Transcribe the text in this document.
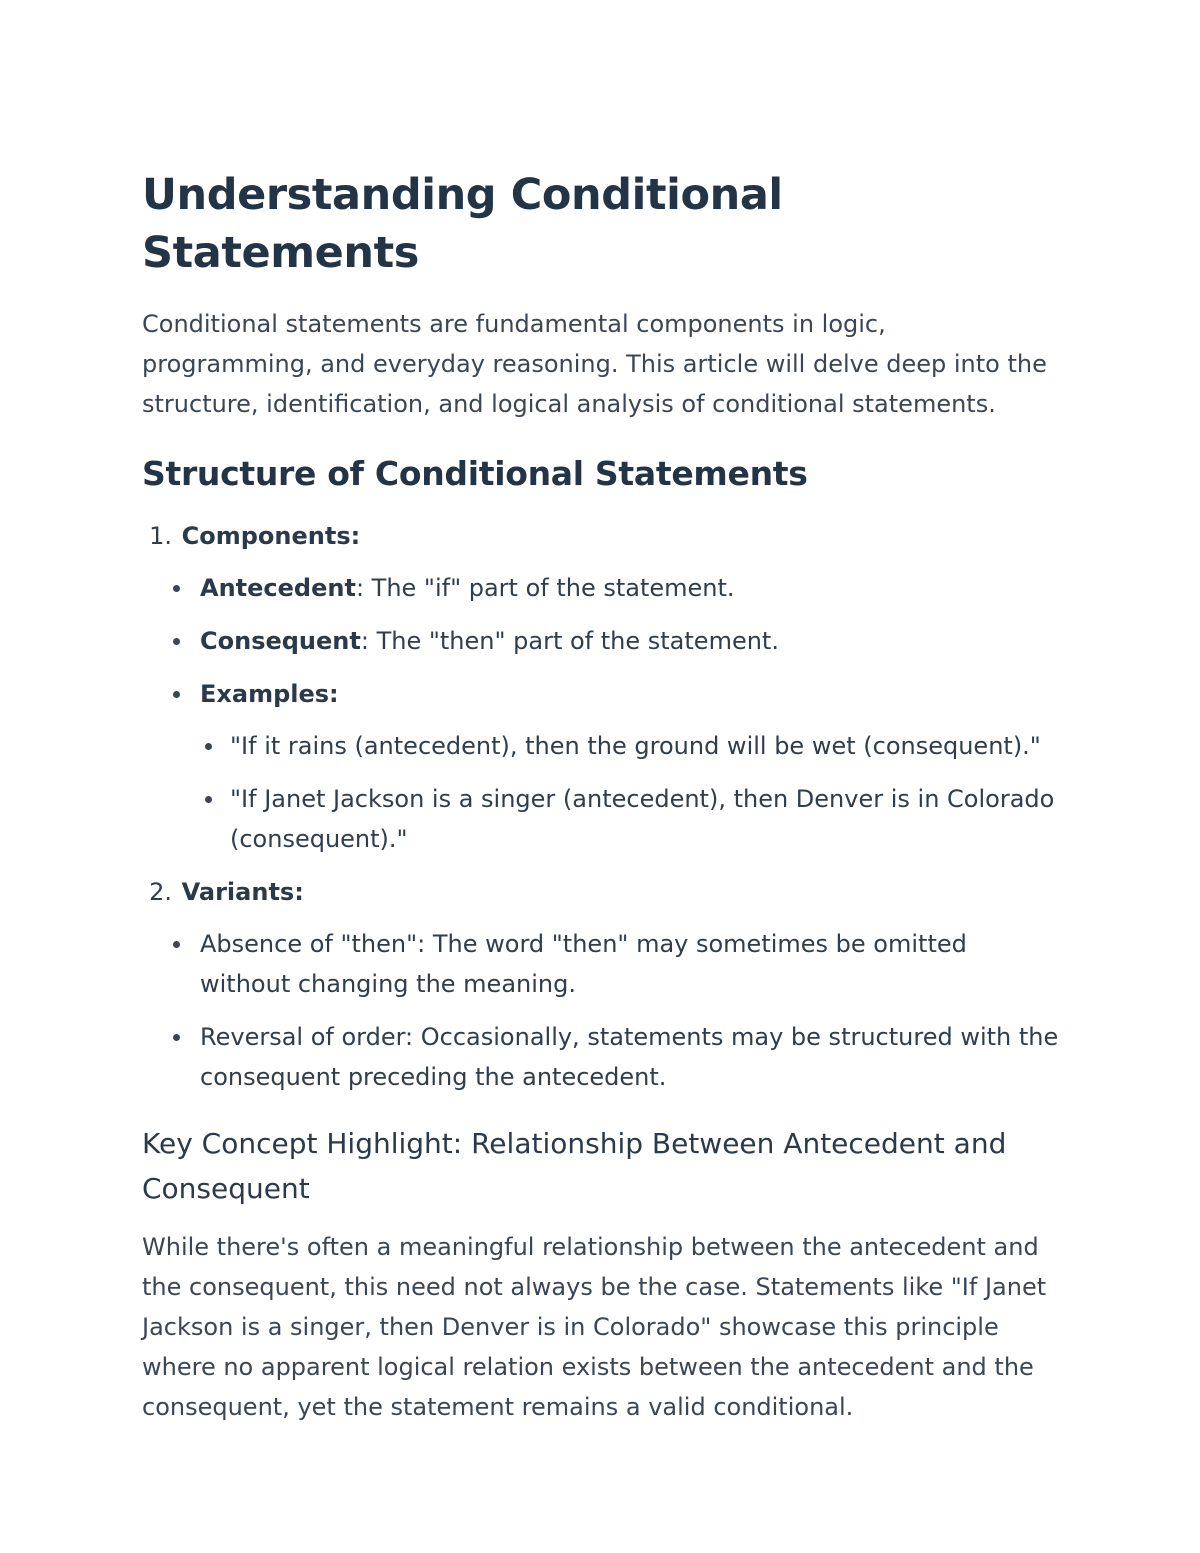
Understanding Conditional Statements

Conditional statements are fundamental components in logic, programming, and everyday reasoning. This article will delve deep into the structure, identification, and logical analysis of conditional statements.

Structure of Conditional Statements
1. Components:
Antecedent: The "if" part of the statement.
Consequent: The "then" part of the statement.
Examples:
"If it rains (antecedent), then the ground will be wet (consequent)."
"If Janet Jackson is a singer (antecedent), then Denver is in Colorado (consequent)."
2. Variants:
Absence of "then": The word "then" may sometimes be omitted without changing the meaning.
Reversal of order: Occasionally, statements may be structured with the consequent preceding the antecedent.
Key Concept Highlight: Relationship Between Antecedent and Consequent

While there's often a meaningful relationship between the antecedent and the consequent, this need not always be the case. Statements like "If Janet Jackson is a singer, then Denver is in Colorado" showcase this principle where no apparent logical relation exists between the antecedent and the consequent, yet the statement remains a valid conditional.
